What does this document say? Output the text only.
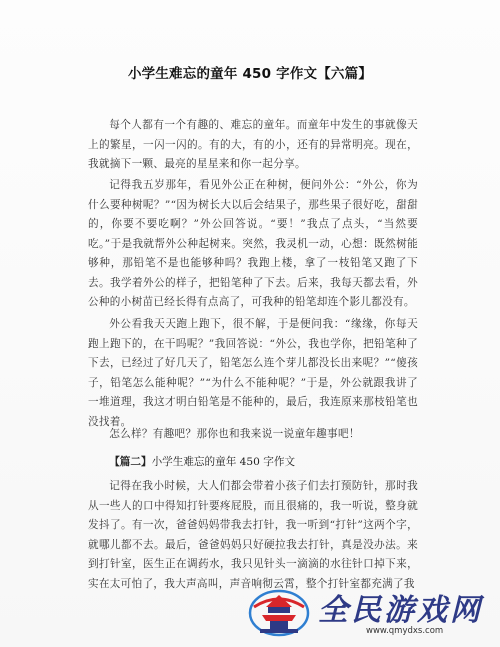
小学生难忘的童年 450 字作文【六篇】

每个人都有一个有趣的、难忘的童年。而童年中发生的事就像天上的繁星，一闪一闪的。有的大，有的小，还有的异常明亮。现在，我就摘下一颗、最亮的星星来和你一起分享。

记得我五岁那年，看见外公正在种树，便问外公：“外公，你为什么要种树呢？”“因为树长大以后会结果子，那些果子很好吃，甜甜的，你要不要吃啊？”外公回答说。“要！”我点了点头，“当然要吃。”于是我就帮外公种起树来。突然，我灵机一动，心想：既然树能够种，那铅笔不是也能够种吗？我跑上楼，拿了一枝铅笔又跑了下去。我学着外公的样子，把铅笔种了下去。后来，我每天都去看，外公种的小树苗已经长得有点高了，可我种的铅笔却连个影儿都没有。

外公看我天天跑上跑下，很不解，于是便问我：“缘缘，你每天跑上跑下的，在干吗呢？”我回答说：“外公，我也学你，把铅笔种了下去，已经过了好几天了，铅笔怎么连个芽儿都没长出来呢？”“傻孩子，铅笔怎么能种呢？”“为什么不能种呢？”于是，外公就跟我讲了一堆道理，我这才明白铅笔是不能种的，最后，我连原来那枝铅笔也没找着。

怎么样？有趣吧？那你也和我来说一说童年趣事吧！

【篇二】小学生难忘的童年 450 字作文

记得在我小时候，大人们都会带着小孩子们去打预防针，那时我从一些人的口中得知打针要疼屁股，而且很痛的，我一听说，整身就发抖了。有一次，爸爸妈妈带我去打针，我一听到“打针”这两个字，就哪儿都不去。最后，爸爸妈妈只好硬拉我去打针，真是没办法。来到打针室，医生正在调药水，我只见针头一滴滴的水往针口掉下来，实在太可怕了，我大声高叫，声音响彻云霄，整个打针室都充满了我

全民游戏网
www.qmydxs.com
